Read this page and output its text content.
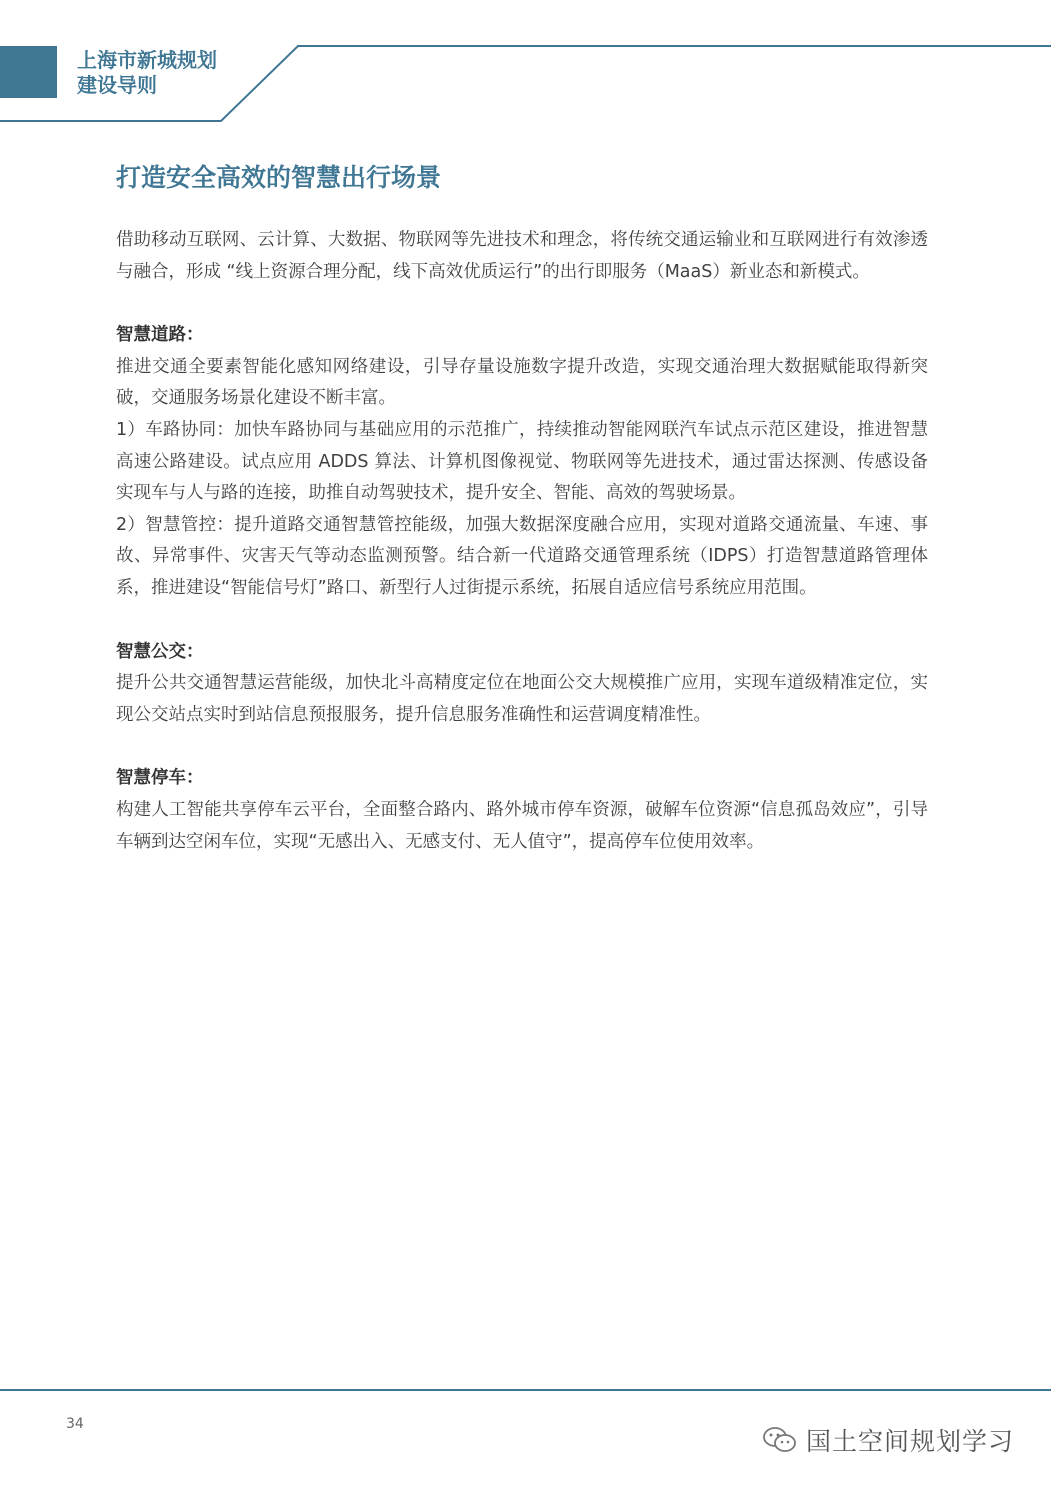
上海市新城规划
建设导则
打造安全高效的智慧出行场景

借助移动互联网、云计算、大数据、物联网等先进技术和理念，将传统交通运输业和互联网进行有效渗透与融合，形成 “线上资源合理分配，线下高效优质运行”的出行即服务（MaaS）新业态和新模式。

智慧道路：

推进交通全要素智能化感知网络建设，引导存量设施数字提升改造，实现交通治理大数据赋能取得新突破，交通服务场景化建设不断丰富。

1）车路协同：加快车路协同与基础应用的示范推广，持续推动智能网联汽车试点示范区建设，推进智慧高速公路建设。试点应用 ADDS 算法、计算机图像视觉、物联网等先进技术，通过雷达探测、传感设备实现车与人与路的连接，助推自动驾驶技术，提升安全、智能、高效的驾驶场景。

2）智慧管控：提升道路交通智慧管控能级，加强大数据深度融合应用，实现对道路交通流量、车速、事故、异常事件、灾害天气等动态监测预警。结合新一代道路交通管理系统（IDPS）打造智慧道路管理体系，推进建设“智能信号灯”路口、新型行人过街提示系统，拓展自适应信号系统应用范围。

智慧公交：

提升公共交通智慧运营能级，加快北斗高精度定位在地面公交大规模推广应用，实现车道级精准定位，实现公交站点实时到站信息预报服务，提升信息服务准确性和运营调度精准性。

智慧停车：

构建人工智能共享停车云平台，全面整合路内、路外城市停车资源，破解车位资源“信息孤岛效应”，引导车辆到达空闲车位，实现“无感出入、无感支付、无人值守”，提高停车位使用效率。

34
国土空间规划学习
